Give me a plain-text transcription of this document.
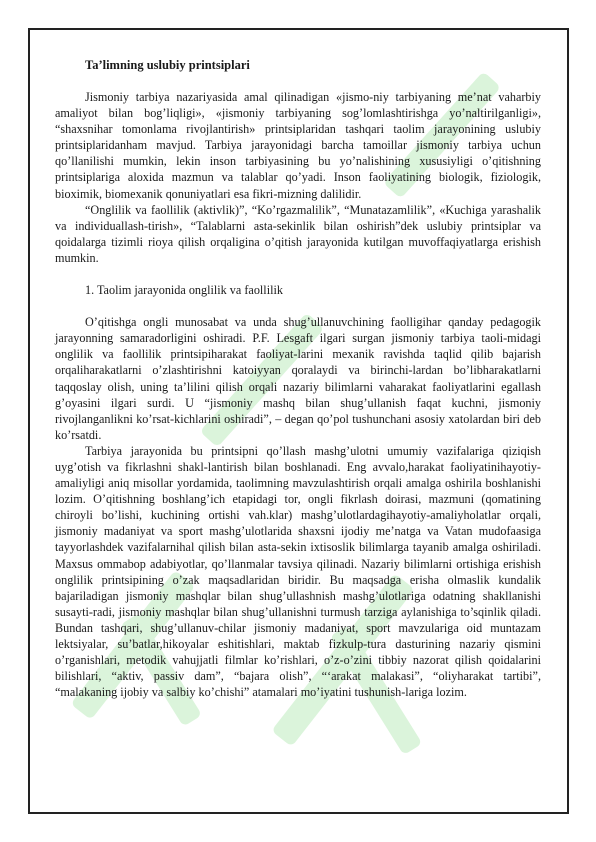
Ta’limning uslubiy printsiplari

Jismoniy tarbiya nazariyasida amal qilinadigan «jismo-niy tarbiyaning me’nat vaharbiy amaliyot bilan bog’liqligi», «jismoniy tarbiyaning sog’lomlashtirishga yo’naltirilganligi», “shaxsnihar tomonlama rivojlantirish» printsiplaridan tashqari taolim jarayonining uslubiy printsiplaridanham mavjud. Tarbiya jarayonidagi barcha tamoillar jismoniy tarbiya uchun qo’llanilishi mumkin, lekin inson tarbiyasining bu yo’nalishining xususiyligi o’qitishning printsiplariga aloxida mazmun va talablar qo’yadi. Inson faoliyatining biologik, fiziologik, bioximik, biomexanik qonuniyatlari esa fikri-mizning dalilidir.

“Onglilik va faollilik (aktivlik)”, “Ko’rgazmalilik”, “Munatazamlilik”, «Kuchiga yarashalik va individuallash-tirish», “Talablarni asta-sekinlik bilan oshirish”dek uslubiy printsiplar va qoidalarga tizimli rioya qilish orqaligina o’qitish jarayonida kutilgan muvoffaqiyatlarga erishish mumkin.

1. Taolim jarayonida onglilik va faollilik

O’qitishga ongli munosabat va unda shug’ullanuvchining faolligihar qanday pedagogik jarayonning samaradorligini oshiradi. P.F. Lesgaft ilgari surgan jismoniy tarbiya taoli-midagi onglilik va faollilik printsipiharakat faoliyat-larini mexanik ravishda taqlid qilib bajarish orqaliharakatlarni o’zlashtirishni katoiyyan qoralaydi va birinchi-lardan bo’libharakatlarni taqqoslay olish, uning ta’lilini qilish orqali nazariy bilimlarni vaharakat faoliyatlarini egallash g’oyasini ilgari surdi. U “jismoniy mashq bilan shug’ullanish faqat kuchni, jismoniy rivojlanganlikni ko’rsat-kichlarini oshiradi”, – degan qo’pol tushunchani asosiy xatolardan biri deb ko’rsatdi.

Tarbiya jarayonida bu printsipni qo’llash mashg’ulotni umumiy vazifalariga qiziqish uyg’otish va fikrlashni shakl-lantirish bilan boshlanadi. Eng avvalo,harakat faoliyatinihayotiy-amaliyligi aniq misollar yordamida, taolimning mavzulashtirish orqali amalga oshirila boshlanishi lozim. O’qitishning boshlang’ich etapidagi tor, ongli fikrlash doirasi, mazmuni (qomatining chiroyli bo’lishi, kuchining ortishi vah.klar) mashg’ulotlardagihayotiy-amaliyholatlar orqali, jismoniy madaniyat va sport mashg’ulotlarida shaxsni ijodiy me’natga va Vatan mudofaasiga tayyorlashdek vazifalarnihal qilish bilan asta-sekin ixtisoslik bilimlarga tayanib amalga oshiriladi. Maxsus ommabop adabiyotlar, qo’llanmalar tavsiya qilinadi. Nazariy bilimlarni ortishiga erishish onglilik printsipining o’zak maqsadlaridan biridir. Bu maqsadga erisha olmaslik kundalik bajariladigan jismoniy mashqlar bilan shug’ullashnish mashg’ulotlariga odatning shakllanishi susayti-radi, jismoniy mashqlar bilan shug’ullanishni turmush tarziga aylanishiga to’sqinlik qiladi. Bundan tashqari, shug’ullanuv-chilar jismoniy madaniyat, sport mavzulariga oid muntazam lektsiyalar, su’batlar,hikoyalar eshitishlari, maktab fizkulp-tura dasturining nazariy qismini o’rganishlari, metodik vahujjatli filmlar ko’rishlari, o’z-o’zini tibbiy nazorat qilish qoidalarini bilishlari, “aktiv, passiv dam”, “bajara olish”, “‘arakat malakasi”, “oliyharakat tartibi”, “malakaning ijobiy va salbiy ko’chishi” atamalari mo’iyatini tushunish-lariga lozim.
